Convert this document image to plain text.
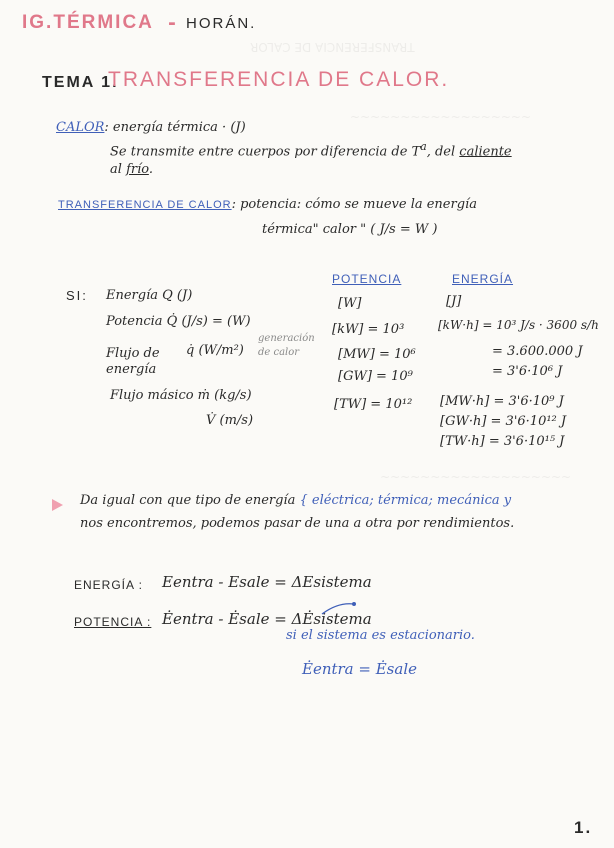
TRANSFERENCIA DE CALOR
~~~~~~~~~~~~~~~~~~
~~~~~~~~~~~~~~~~~~~
IG.TÉRMICA - HORÁN.
TEMA 1.
TRANSFERENCIA DE CALOR.
CALOR: energía térmica · (J)
Se transmite entre cuerpos por diferencia de $T^a$, del caliente
al frío.
TRANSFERENCIA DE CALOR: potencia: cómo se mueve la energía
térmica" calor " ( J/s = W )
POTENCIA	ENERGÍA
SI: Energía Q (J)
Potencia Q̇ (J/s) = (W)
Flujo de
energía
q̇ (W/m²)
generación
de calor
Flujo másico ṁ (kg/s)
V̇ (m/s)
[W]
[kW] = 10³
[MW] = 10⁶
[GW] = 10⁹
[TW] = 10¹²
[J]
[kW·h] = 10³ J/s · 3600 s/h
= 3.600.000 J
= 3'6·10⁶ J
[MW·h] = 3'6·10⁹ J
[GW·h] = 3'6·10¹² J
[TW·h] = 3'6·10¹⁵ J
Da igual con que tipo de energía { eléctrica; térmica; mecánica y
nos encontremos, podemos pasar de una a otra por rendimientos.
ENERGÍA : Eentra - Esale = ΔEsistema
POTENCIA : Ėentra - Ėsale = ΔĖsistema
si el sistema es estacionario.
Ėentra = Ėsale
1.
